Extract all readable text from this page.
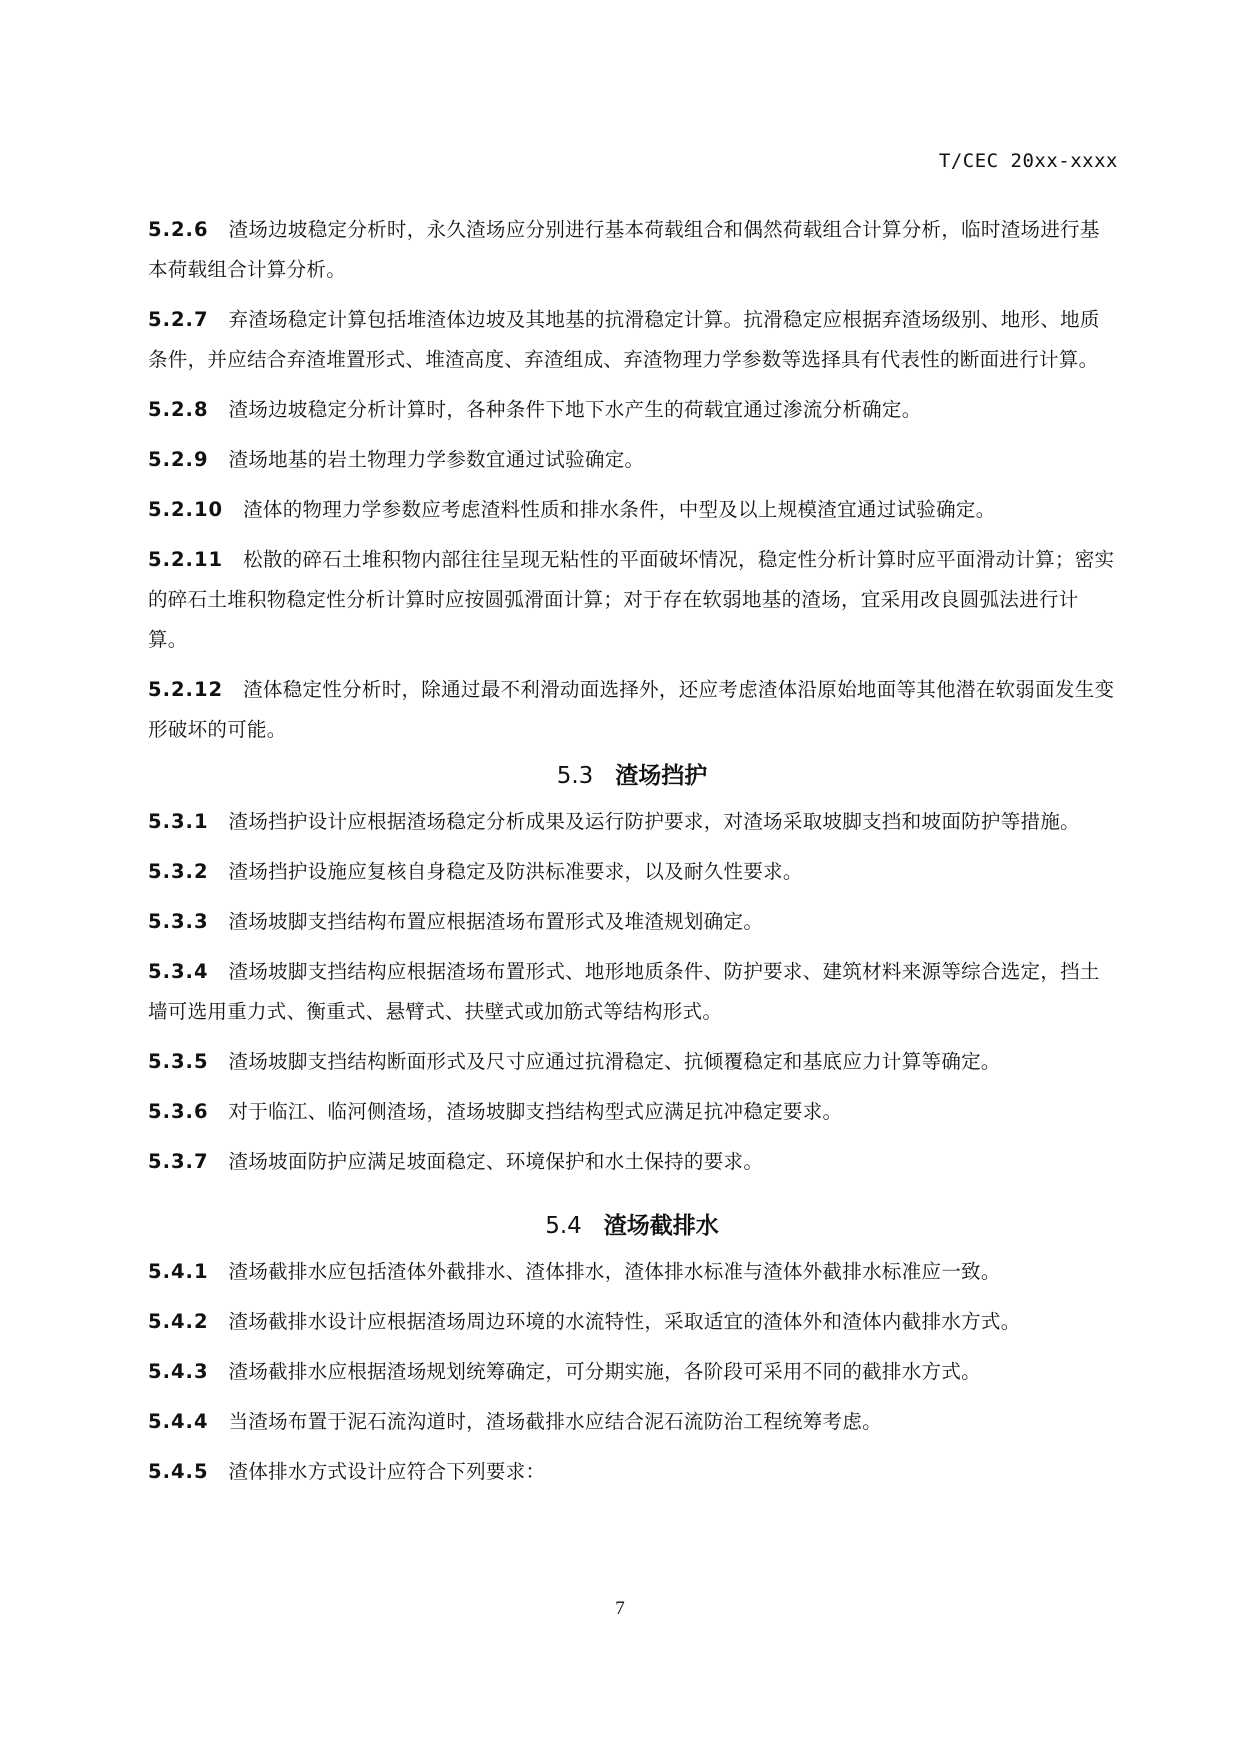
T/CEC 20xx-xxxx

5.2.6 渣场边坡稳定分析时，永久渣场应分别进行基本荷载组合和偶然荷载组合计算分析，临时渣场进行基本荷载组合计算分析。

5.2.7 弃渣场稳定计算包括堆渣体边坡及其地基的抗滑稳定计算。抗滑稳定应根据弃渣场级别、地形、地质条件，并应结合弃渣堆置形式、堆渣高度、弃渣组成、弃渣物理力学参数等选择具有代表性的断面进行计算。

5.2.8 渣场边坡稳定分析计算时，各种条件下地下水产生的荷载宜通过渗流分析确定。

5.2.9 渣场地基的岩土物理力学参数宜通过试验确定。

5.2.10 渣体的物理力学参数应考虑渣料性质和排水条件，中型及以上规模渣宜通过试验确定。

5.2.11 松散的碎石土堆积物内部往往呈现无粘性的平面破坏情况，稳定性分析计算时应平面滑动计算；密实的碎石土堆积物稳定性分析计算时应按圆弧滑面计算；对于存在软弱地基的渣场，宜采用改良圆弧法进行计算。

5.2.12 渣体稳定性分析时，除通过最不利滑动面选择外，还应考虑渣体沿原始地面等其他潜在软弱面发生变形破坏的可能。

5.3 渣场挡护

5.3.1 渣场挡护设计应根据渣场稳定分析成果及运行防护要求，对渣场采取坡脚支挡和坡面防护等措施。

5.3.2 渣场挡护设施应复核自身稳定及防洪标准要求，以及耐久性要求。

5.3.3 渣场坡脚支挡结构布置应根据渣场布置形式及堆渣规划确定。

5.3.4 渣场坡脚支挡结构应根据渣场布置形式、地形地质条件、防护要求、建筑材料来源等综合选定，挡土墙可选用重力式、衡重式、悬臂式、扶壁式或加筋式等结构形式。

5.3.5 渣场坡脚支挡结构断面形式及尺寸应通过抗滑稳定、抗倾覆稳定和基底应力计算等确定。

5.3.6 对于临江、临河侧渣场，渣场坡脚支挡结构型式应满足抗冲稳定要求。

5.3.7 渣场坡面防护应满足坡面稳定、环境保护和水土保持的要求。

5.4 渣场截排水

5.4.1 渣场截排水应包括渣体外截排水、渣体排水，渣体排水标准与渣体外截排水标准应一致。

5.4.2 渣场截排水设计应根据渣场周边环境的水流特性，采取适宜的渣体外和渣体内截排水方式。

5.4.3 渣场截排水应根据渣场规划统筹确定，可分期实施，各阶段可采用不同的截排水方式。

5.4.4 当渣场布置于泥石流沟道时，渣场截排水应结合泥石流防治工程统筹考虑。

5.4.5 渣体排水方式设计应符合下列要求：

7
